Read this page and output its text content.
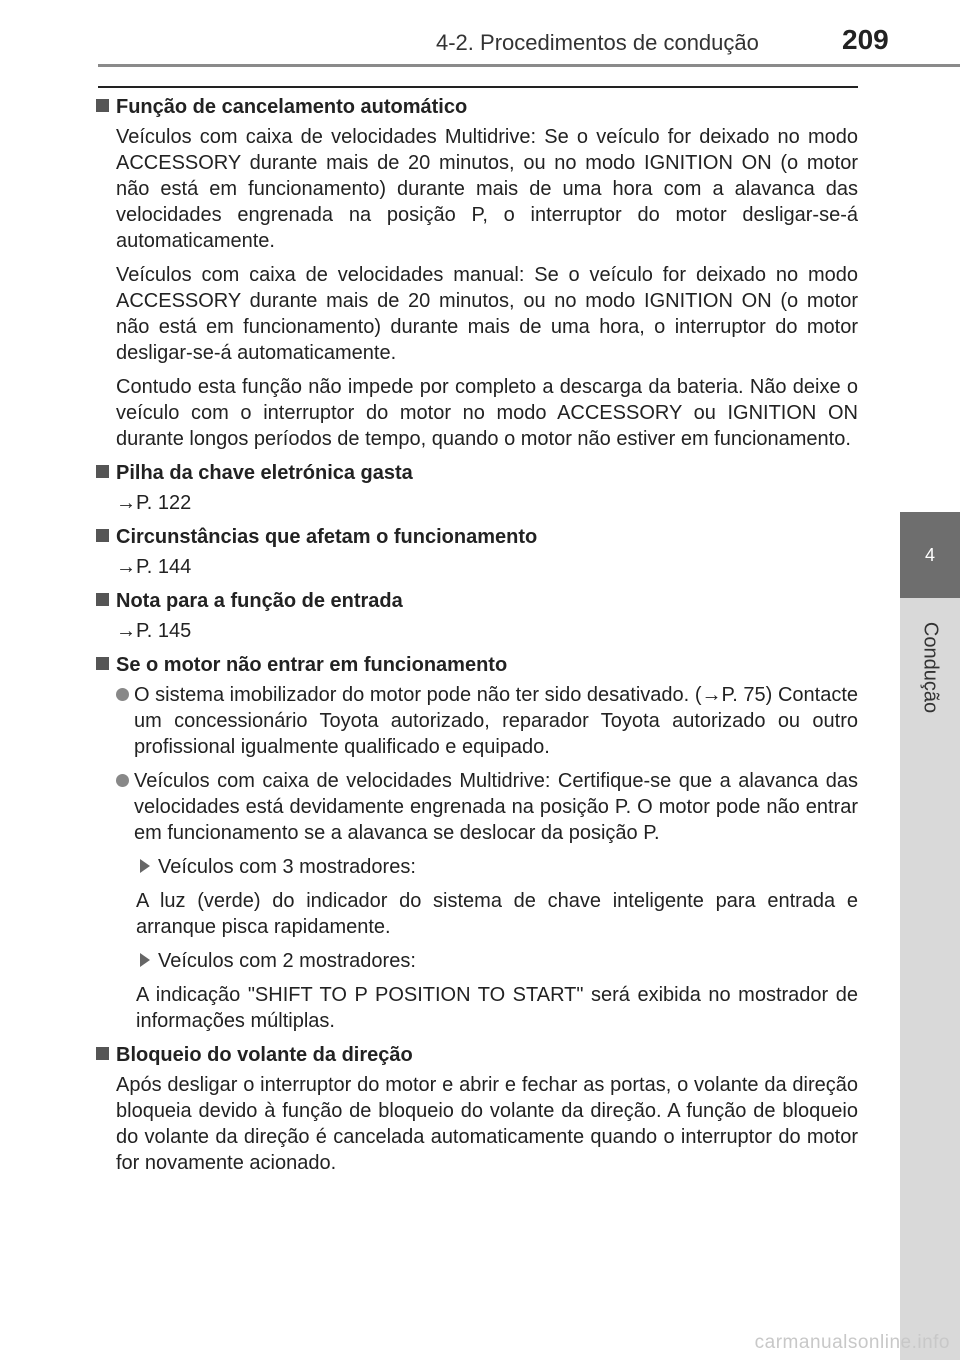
4-2. Procedimentos de condução	209
4
Condução
Função de cancelamento automático
Veículos com caixa de velocidades Multidrive: Se o veículo for deixado no modo ACCESSORY durante mais de 20 minutos, ou no modo IGNITION ON (o motor não está em funcionamento) durante mais de uma hora com a alavanca das velocidades engrenada na posição P, o interruptor do motor desligar-se-á automaticamente.
Veículos com caixa de velocidades manual: Se o veículo for deixado no modo ACCESSORY durante mais de 20 minutos, ou no modo IGNITION ON (o motor não está em funcionamento) durante mais de uma hora, o interruptor do motor desligar-se-á automaticamente.
Contudo esta função não impede por completo a descarga da bateria. Não deixe o veículo com o interruptor do motor no modo ACCESSORY ou IGNITION ON durante longos períodos de tempo, quando o motor não estiver em funcionamento.
Pilha da chave eletrónica gasta
→P. 122
Circunstâncias que afetam o funcionamento
→P. 144
Nota para a função de entrada
→P. 145
Se o motor não entrar em funcionamento
O sistema imobilizador do motor pode não ter sido desativado. (→P. 75) Contacte um concessionário Toyota autorizado, reparador Toyota autorizado ou outro profissional igualmente qualificado e equipado.
Veículos com caixa de velocidades Multidrive: Certifique-se que a alavanca das velocidades está devidamente engrenada na posição P. O motor pode não entrar em funcionamento se a alavanca se deslocar da posição P.
Veículos com 3 mostradores:
A luz (verde) do indicador do sistema de chave inteligente para entrada e arranque pisca rapidamente.
Veículos com 2 mostradores:
A indicação "SHIFT TO P POSITION TO START" será exibida no mostrador de informações múltiplas.
Bloqueio do volante da direção
Após desligar o interruptor do motor e abrir e fechar as portas, o volante da direção bloqueia devido à função de bloqueio do volante da direção. A função de bloqueio do volante da direção é cancelada automaticamente quando o interruptor do motor for novamente acionado.
carmanualsonline.info
